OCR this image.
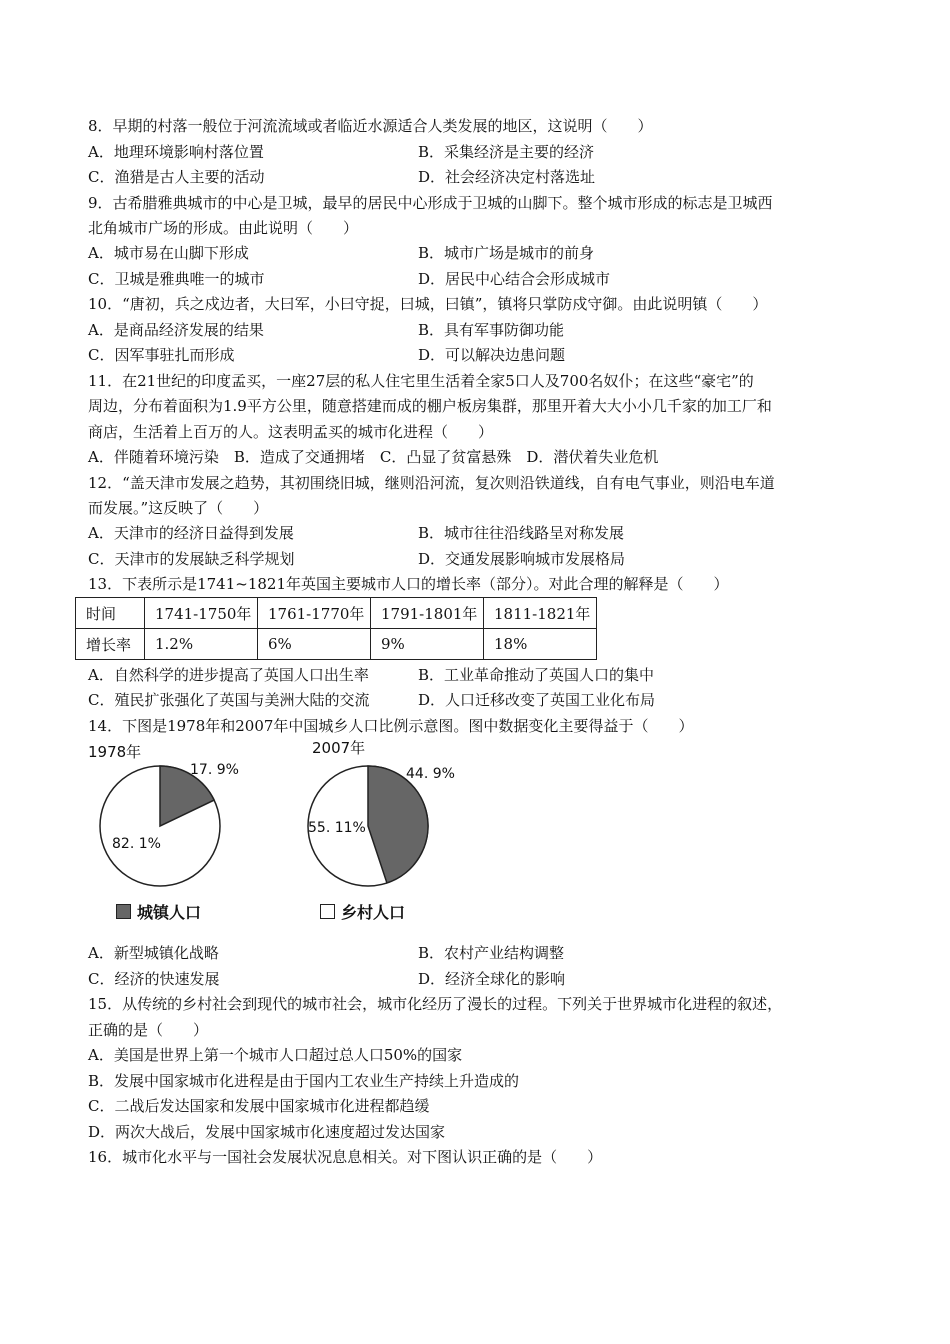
8．早期的村落一般位于河流流域或者临近水源适合人类发展的地区，这说明（　　）
A．地理环境影响村落位置	B．采集经济是主要的经济
C．渔猎是古人主要的活动	D．社会经济决定村落选址
9．古希腊雅典城市的中心是卫城，最早的居民中心形成于卫城的山脚下。整个城市形成的标志是卫城西
北角城市广场的形成。由此说明（　　）
A．城市易在山脚下形成	B．城市广场是城市的前身
C．卫城是雅典唯一的城市	D．居民中心结合会形成城市
10．“唐初，兵之戍边者，大曰军，小曰守捉，曰城，曰镇”，镇将只掌防戍守御。由此说明镇（　　）
A．是商品经济发展的结果	B．具有军事防御功能
C．因军事驻扎而形成	D．可以解决边患问题
11．在21世纪的印度孟买，一座27层的私人住宅里生活着全家5口人及700名奴仆；在这些“豪宅”的
周边，分布着面积为1.9平方公里，随意搭建而成的棚户板房集群，那里开着大大小小几千家的加工厂和
商店，生活着上百万的人。这表明孟买的城市化进程（　　）
A．伴随着环境污染　B．造成了交通拥堵　C．凸显了贫富悬殊　D．潜伏着失业危机
12．“盖天津市发展之趋势，其初围绕旧城，继则沿河流，复次则沿铁道线，自有电气事业，则沿电车道
而发展。”这反映了（　　）
A．天津市的经济日益得到发展	B．城市往往沿线路呈对称发展
C．天津市的发展缺乏科学规划	D．交通发展影响城市发展格局
13．下表所示是1741~1821年英国主要城市人口的增长率（部分）。对此合理的解释是（　　）
时间	1741-1750年	1761-1770年	1791-1801年	1811-1821年
增长率	1.2%	6%	9%	18%
A．自然科学的进步提高了英国人口出生率	B．工业革命推动了英国人口的集中
C．殖民扩张强化了英国与美洲大陆的交流	D．人口迁移改变了英国工业化布局
14．下图是1978年和2007年中国城乡人口比例示意图。图中数据变化主要得益于（　　）
1978年
17. 9%
82. 1%
2007年
44. 9%
55. 11%
城镇人口	乡村人口
A．新型城镇化战略	B．农村产业结构调整
C．经济的快速发展	D．经济全球化的影响
15．从传统的乡村社会到现代的城市社会，城市化经历了漫长的过程。下列关于世界城市化进程的叙述，
正确的是（　　）
A．美国是世界上第一个城市人口超过总人口50%的国家
B．发展中国家城市化进程是由于国内工农业生产持续上升造成的
C．二战后发达国家和发展中国家城市化进程都趋缓
D．两次大战后，发展中国家城市化速度超过发达国家
16．城市化水平与一国社会发展状况息息相关。对下图认识正确的是（　　）
